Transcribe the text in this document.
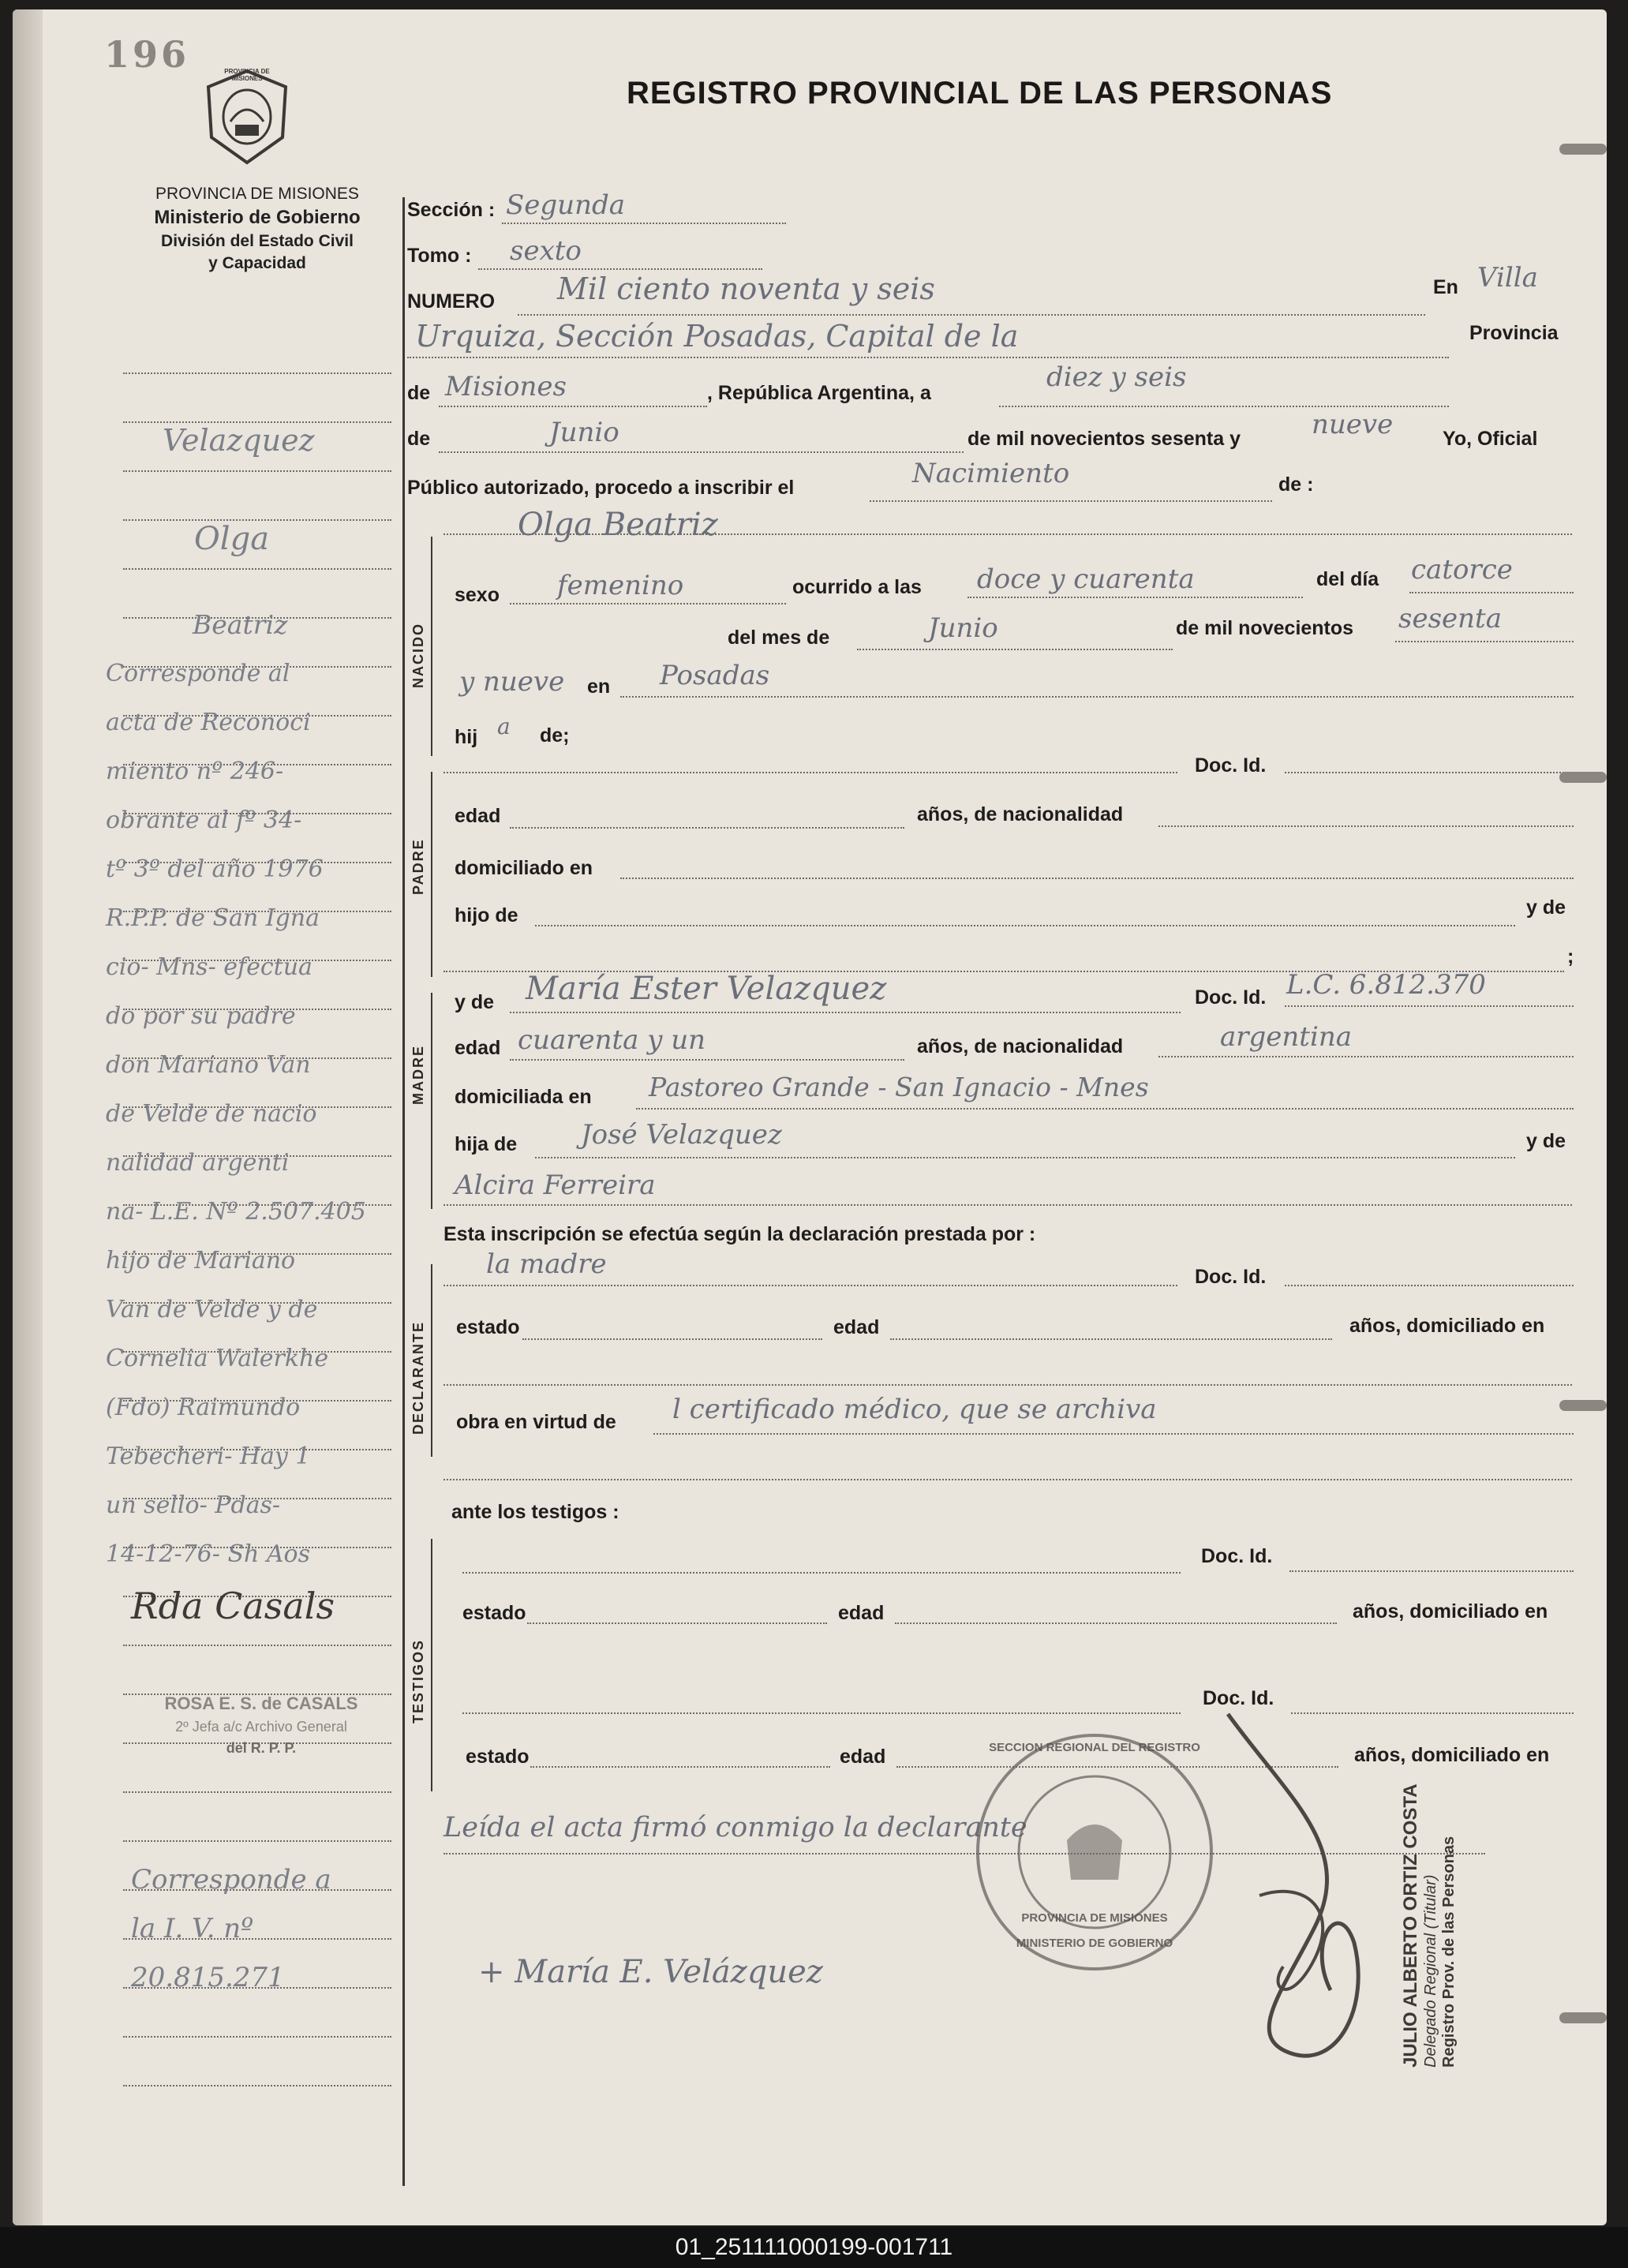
196	PROVINCIA DE MISIONES	REGISTRO PROVINCIAL DE LAS PERSONAS
PROVINCIA DE MISIONES
Ministerio de Gobierno
División del Estado Civil
y Capacidad
NACIDO
PADRE
MADRE
DECLARANTE
TESTIGOS
Sección : Segunda
Tomo : sexto
NUMERO Mil ciento noventa y seis	En Villa
Urquiza, Sección Posadas, Capital de la	Provincia
de Misiones	, República Argentina, a	diez y seis
de	Junio	de mil novecientos sesenta y	nueve	Yo, Oficial
Público autorizado, procedo a inscribir el	Nacimiento	de :
Olga Beatriz
sexo femenino	ocurrido a las doce y cuarenta	del día catorce
del mes de	Junio	de mil novecientos sesenta
y nueve en Posadas
hij a de;
Doc. Id.
edad	años, de nacionalidad
domiciliado en
hijo de	y de
;
y de María Ester Velazquez	Doc. Id. L.C. 6.812.370
edad cuarenta y un	años, de nacionalidad	argentina
domiciliada en Pastoreo Grande - San Ignacio - Mnes
hija de José Velazquez	y de
Alcira Ferreira
Esta inscripción se efectúa según la declaración prestada por :
la madre	Doc. Id.
estado	edad	años, domiciliado en
obra en virtud de l certificado médico, que se archiva
ante los testigos :
Doc. Id.
estado	edad	años, domiciliado en
Doc. Id.
estado	edad	años, domiciliado en
Leída el acta firmó conmigo la declarante
+ María E. Velázquez
SECCION REGIONAL DEL REGISTRO
PROVINCIA DE MISIONES
MINISTERIO DE GOBIERNO	JULIO ALBERTO ORTIZ COSTA Delegado Regional (Titular) Registro Prov. de las Personas
Velazquez
Olga
Beatriz
Corresponde al
acta de Reconoci
miento nº 246-
obrante al fº 34-
tº 3º del año 1976
R.P.P. de San Igna
cio- Mns- efectua
do por su padre
don Mariano Van
de Velde de nacio
nalidad argenti
na- L.E. Nº 2.507.405
hijo de Mariano
Van de Velde y de
Cornelia Walerkhe
(Fdo) Raimundo
Tebecheri- Hay 1
un sello- Pdas-
14-12-76- Sh Aos
Rda Casals
ROSA E. S. de CASALS
2º Jefa a/c Archivo General
del R. P. P.
Corresponde a
la I. V. nº
20.815.271
01_251111000199-001711
